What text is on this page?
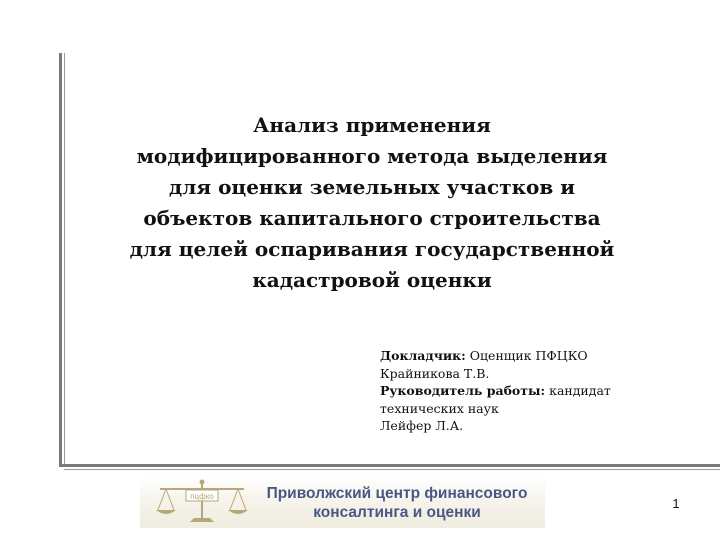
Анализ применения
модифицированного метода выделения
для оценки земельных участков и
объектов капитального строительства
для целей оспаривания государственной
кадастровой оценки
Докладчик: Оценщик ПФЦКО
Крайникова Т.В.
Руководитель работы: кандидат
технических наук
Лейфер Л.А.
пцфко	Приволжский центр финансового
консалтинга и оценки
1
